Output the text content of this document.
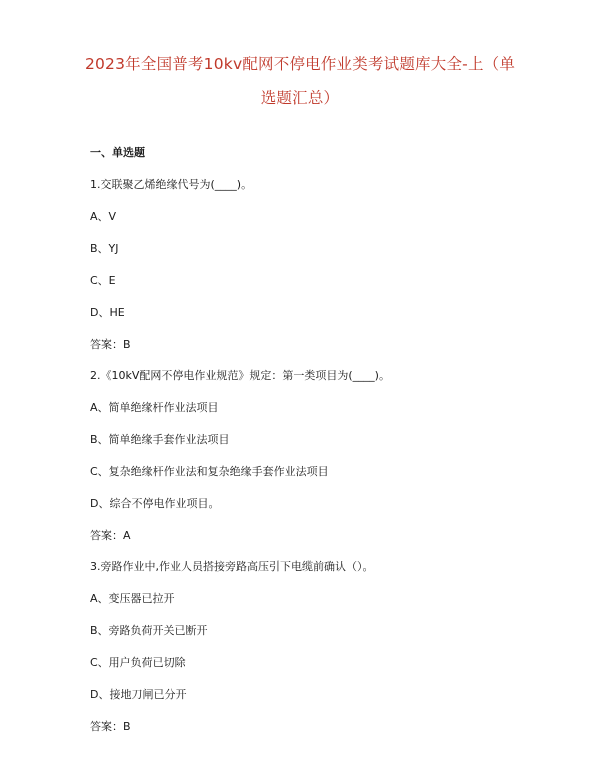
2023年全国普考10kv配网不停电作业类考试题库大全-上（单
选题汇总）
一、单选题
1.交联聚乙烯绝缘代号为(____)。
A、V
B、YJ
C、E
D、HE
答案：B
2.《10kV配网不停电作业规范》规定：第一类项目为(____)。
A、简单绝缘杆作业法项目
B、简单绝缘手套作业法项目
C、复杂绝缘杆作业法和复杂绝缘手套作业法项目
D、综合不停电作业项目。
答案：A
3.旁路作业中,作业人员搭接旁路高压引下电缆前确认（）。
A、变压器已拉开
B、旁路负荷开关已断开
C、用户负荷已切除
D、接地刀闸已分开
答案：B
